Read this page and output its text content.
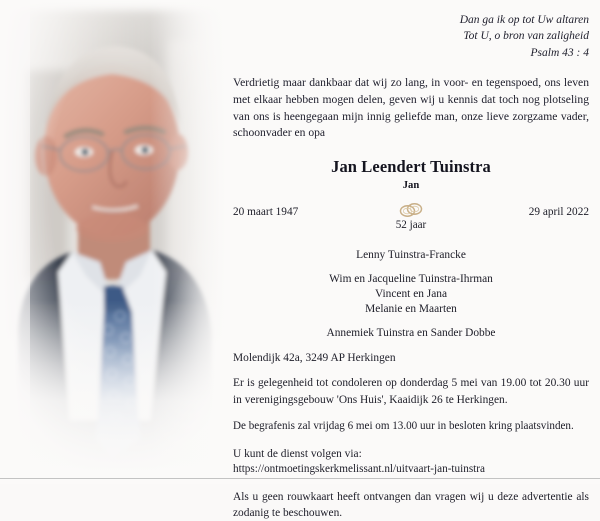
Dan ga ik op tot Uw altaren
Tot U, o bron van zaligheid
Psalm 43 : 4
Verdrietig maar dankbaar dat wij zo lang, in voor- en tegenspoed, ons leven met elkaar hebben mogen delen, geven wij u kennis dat toch nog plotseling van ons is heengegaan mijn innig geliefde man, onze lieve zorgzame vader, schoonvader en opa
Jan Leendert Tuinstra
Jan
20 maart 1947
52 jaar
29 april 2022
Lenny Tuinstra-Francke
Wim en Jacqueline Tuinstra-Ihrman
Vincent en Jana
Melanie en Maarten
Annemiek Tuinstra en Sander Dobbe
Molendijk 42a, 3249 AP Herkingen
Er is gelegenheid tot condoleren op donderdag 5 mei van 19.00 tot 20.30 uur in verenigingsgebouw 'Ons Huis', Kaaidijk 26 te Herkingen.
De begrafenis zal vrijdag 6 mei om 13.00 uur in besloten kring plaatsvinden.
U kunt de dienst volgen via:
https://ontmoetingskerkmelissant.nl/uitvaart-jan-tuinstra
Als u geen rouwkaart heeft ontvangen dan vragen wij u deze advertentie als zodanig te beschouwen.
